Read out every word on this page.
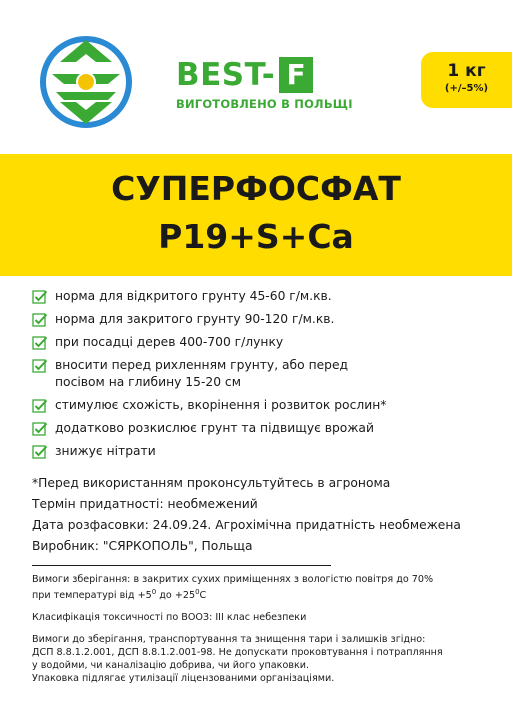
BEST- F
ВИГОТОВЛЕНО В ПОЛЬЩІ
1 кг
(+/–5%)
СУПЕРФОСФАТ
P19+S+Ca
норма для відкритого грунту 45-60 г/м.кв.
норма для закритого грунту 90-120 г/м.кв.
при посадці дерев 400-700 г/лунку
вносити перед рихленням грунту, або перед посівом на глибину 15-20 см
стимулює схожість, вкорінення і розвиток рослин*
додатково розкислює грунт та підвищує врожай
знижує нітрати
*Перед використанням проконсультуйтесь в агронома
Термін придатності: необмежений
Дата розфасовки: 24.09.24. Агрохімічна придатність необмежена
Виробник: "СЯРКОПОЛЬ", Польща

Вимоги зберігання: в закритих сухих приміщеннях з вологістю повітря до 70%

при температурі від $+5^0$ до $+25^0С$

Класифікація токсичності по ВООЗ: ІІІ клас небезпеки

Вимоги до зберігання, транспортування та знищення тари і залишків згідно:

ДСП 8.8.1.2.001, ДСП 8.8.1.2.001-98. Не допускати проковтування і потрапляння

у водойми, чи каналізацію добрива, чи його упаковки.

Упаковка підлягає утилізації ліцензованими організаціями.
